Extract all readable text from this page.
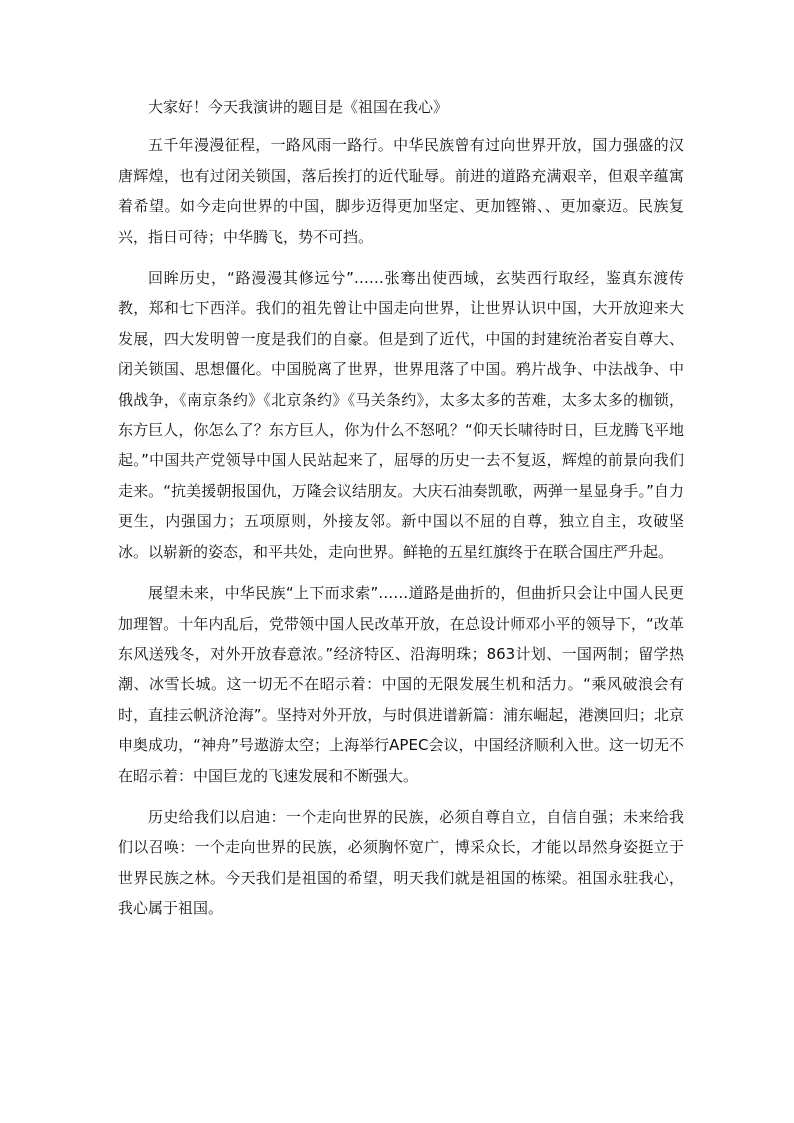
大家好！今天我演讲的题目是《祖国在我心》

五千年漫漫征程，一路风雨一路行。中华民族曾有过向世界开放，国力强盛的汉唐辉煌，也有过闭关锁国，落后挨打的近代耻辱。前进的道路充满艰辛，但艰辛蕴寓着希望。如今走向世界的中国，脚步迈得更加坚定、更加铿锵、、更加豪迈。民族复兴，指日可待；中华腾飞，势不可挡。

回眸历史，“路漫漫其修远兮”……张骞出使西域，玄奘西行取经，鉴真东渡传教，郑和七下西洋。我们的祖先曾让中国走向世界，让世界认识中国，大开放迎来大发展，四大发明曾一度是我们的自豪。但是到了近代，中国的封建统治者妄自尊大、闭关锁国、思想僵化。中国脱离了世界，世界甩落了中国。鸦片战争、中法战争、中俄战争，《南京条约》《北京条约》《马关条约》，太多太多的苦难，太多太多的枷锁，东方巨人，你怎么了？东方巨人，你为什么不怒吼？“仰天长啸待时日，巨龙腾飞平地起。”中国共产党领导中国人民站起来了，屈辱的历史一去不复返，辉煌的前景向我们走来。“抗美援朝报国仇，万隆会议结朋友。大庆石油奏凯歌，两弹一星显身手。”自力更生，内强国力；五项原则，外接友邻。新中国以不屈的自尊，独立自主，攻破坚冰。以崭新的姿态，和平共处，走向世界。鲜艳的五星红旗终于在联合国庄严升起。

展望未来，中华民族“上下而求索”……道路是曲折的，但曲折只会让中国人民更加理智。十年内乱后，党带领中国人民改革开放，在总设计师邓小平的领导下，“改革东风送残冬，对外开放春意浓。”经济特区、沿海明珠；863计划、一国两制；留学热潮、冰雪长城。这一切无不在昭示着：中国的无限发展生机和活力。“乘风破浪会有时，直挂云帆济沧海”。坚持对外开放，与时俱进谱新篇：浦东崛起，港澳回归；北京申奥成功，“神舟”号遨游太空；上海举行APEC会议，中国经济顺利入世。这一切无不在昭示着：中国巨龙的飞速发展和不断强大。

历史给我们以启迪：一个走向世界的民族，必须自尊自立，自信自强；未来给我们以召唤：一个走向世界的民族，必须胸怀宽广，博采众长，才能以昂然身姿挺立于世界民族之林。今天我们是祖国的希望，明天我们就是祖国的栋梁。祖国永驻我心，我心属于祖国。
